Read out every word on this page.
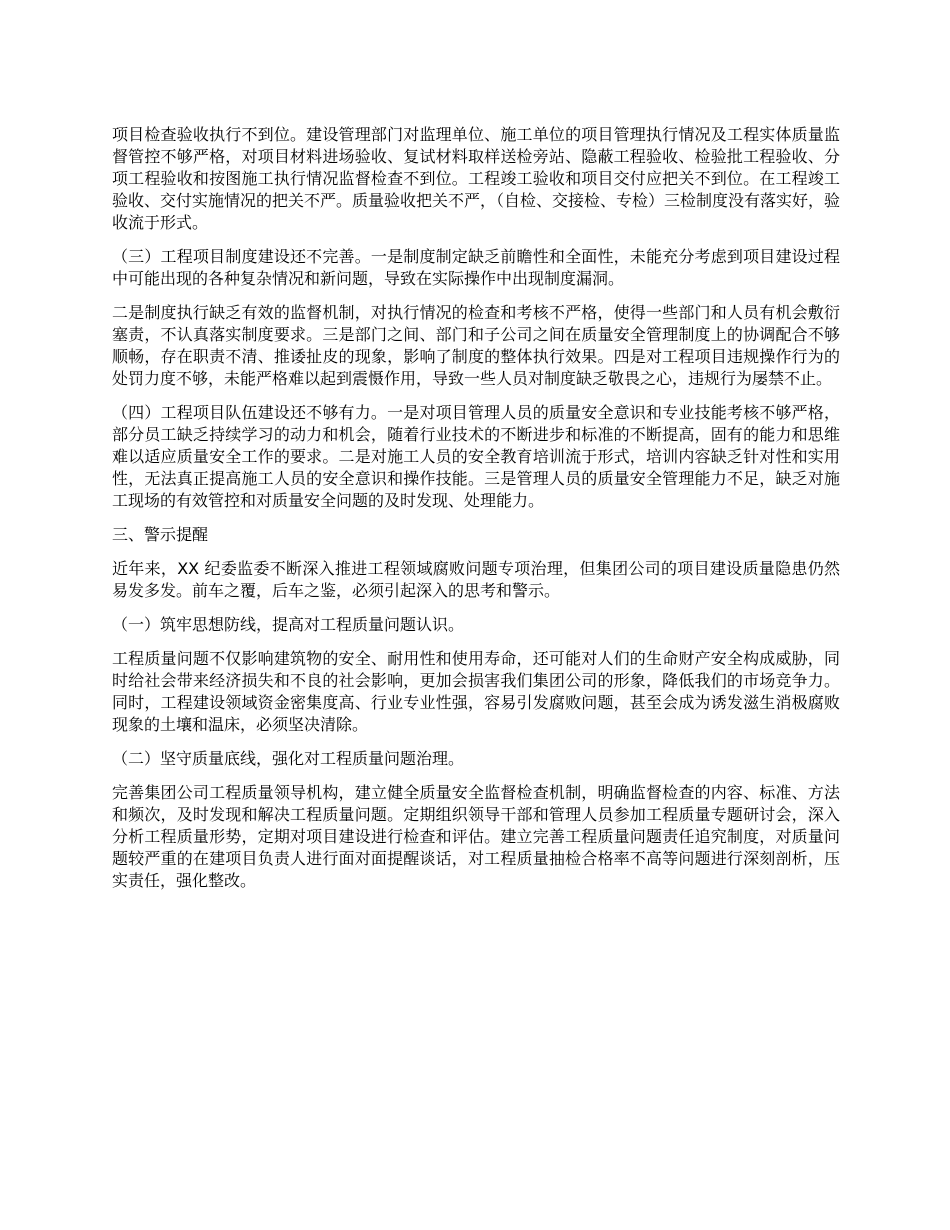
项目检查验收执行不到位。建设管理部门对监理单位、施工单位的项目管理执行情况及工程实体质量监督管控不够严格，对项目材料进场验收、复试材料取样送检旁站、隐蔽工程验收、检验批工程验收、分项工程验收和按图施工执行情况监督检查不到位。工程竣工验收和项目交付应把关不到位。在工程竣工验收、交付实施情况的把关不严。质量验收把关不严，（自检、交接检、专检）三检制度没有落实好，验收流于形式。

（三）工程项目制度建设还不完善。一是制度制定缺乏前瞻性和全面性，未能充分考虑到项目建设过程中可能出现的各种复杂情况和新问题，导致在实际操作中出现制度漏洞。

二是制度执行缺乏有效的监督机制，对执行情况的检查和考核不严格，使得一些部门和人员有机会敷衍塞责，不认真落实制度要求。三是部门之间、部门和子公司之间在质量安全管理制度上的协调配合不够顺畅，存在职责不清、推诿扯皮的现象，影响了制度的整体执行效果。四是对工程项目违规操作行为的处罚力度不够，未能严格难以起到震慑作用，导致一些人员对制度缺乏敬畏之心，违规行为屡禁不止。

（四）工程项目队伍建设还不够有力。一是对项目管理人员的质量安全意识和专业技能考核不够严格，部分员工缺乏持续学习的动力和机会，随着行业技术的不断进步和标准的不断提高，固有的能力和思维难以适应质量安全工作的要求。二是对施工人员的安全教育培训流于形式，培训内容缺乏针对性和实用性，无法真正提高施工人员的安全意识和操作技能。三是管理人员的质量安全管理能力不足，缺乏对施工现场的有效管控和对质量安全问题的及时发现、处理能力。

三、警示提醒

近年来，XX 纪委监委不断深入推进工程领域腐败问题专项治理，但集团公司的项目建设质量隐患仍然易发多发。前车之覆，后车之鉴，必须引起深入的思考和警示。

（一）筑牢思想防线，提高对工程质量问题认识。

工程质量问题不仅影响建筑物的安全、耐用性和使用寿命，还可能对人们的生命财产安全构成威胁，同时给社会带来经济损失和不良的社会影响，更加会损害我们集团公司的形象，降低我们的市场竞争力。同时，工程建设领域资金密集度高、行业专业性强，容易引发腐败问题，甚至会成为诱发滋生消极腐败现象的土壤和温床，必须坚决清除。

（二）坚守质量底线，强化对工程质量问题治理。

完善集团公司工程质量领导机构，建立健全质量安全监督检查机制，明确监督检查的内容、标准、方法和频次，及时发现和解决工程质量问题。定期组织领导干部和管理人员参加工程质量专题研讨会，深入分析工程质量形势，定期对项目建设进行检查和评估。建立完善工程质量问题责任追究制度，对质量问题较严重的在建项目负责人进行面对面提醒谈话，对工程质量抽检合格率不高等问题进行深刻剖析，压实责任，强化整改。
